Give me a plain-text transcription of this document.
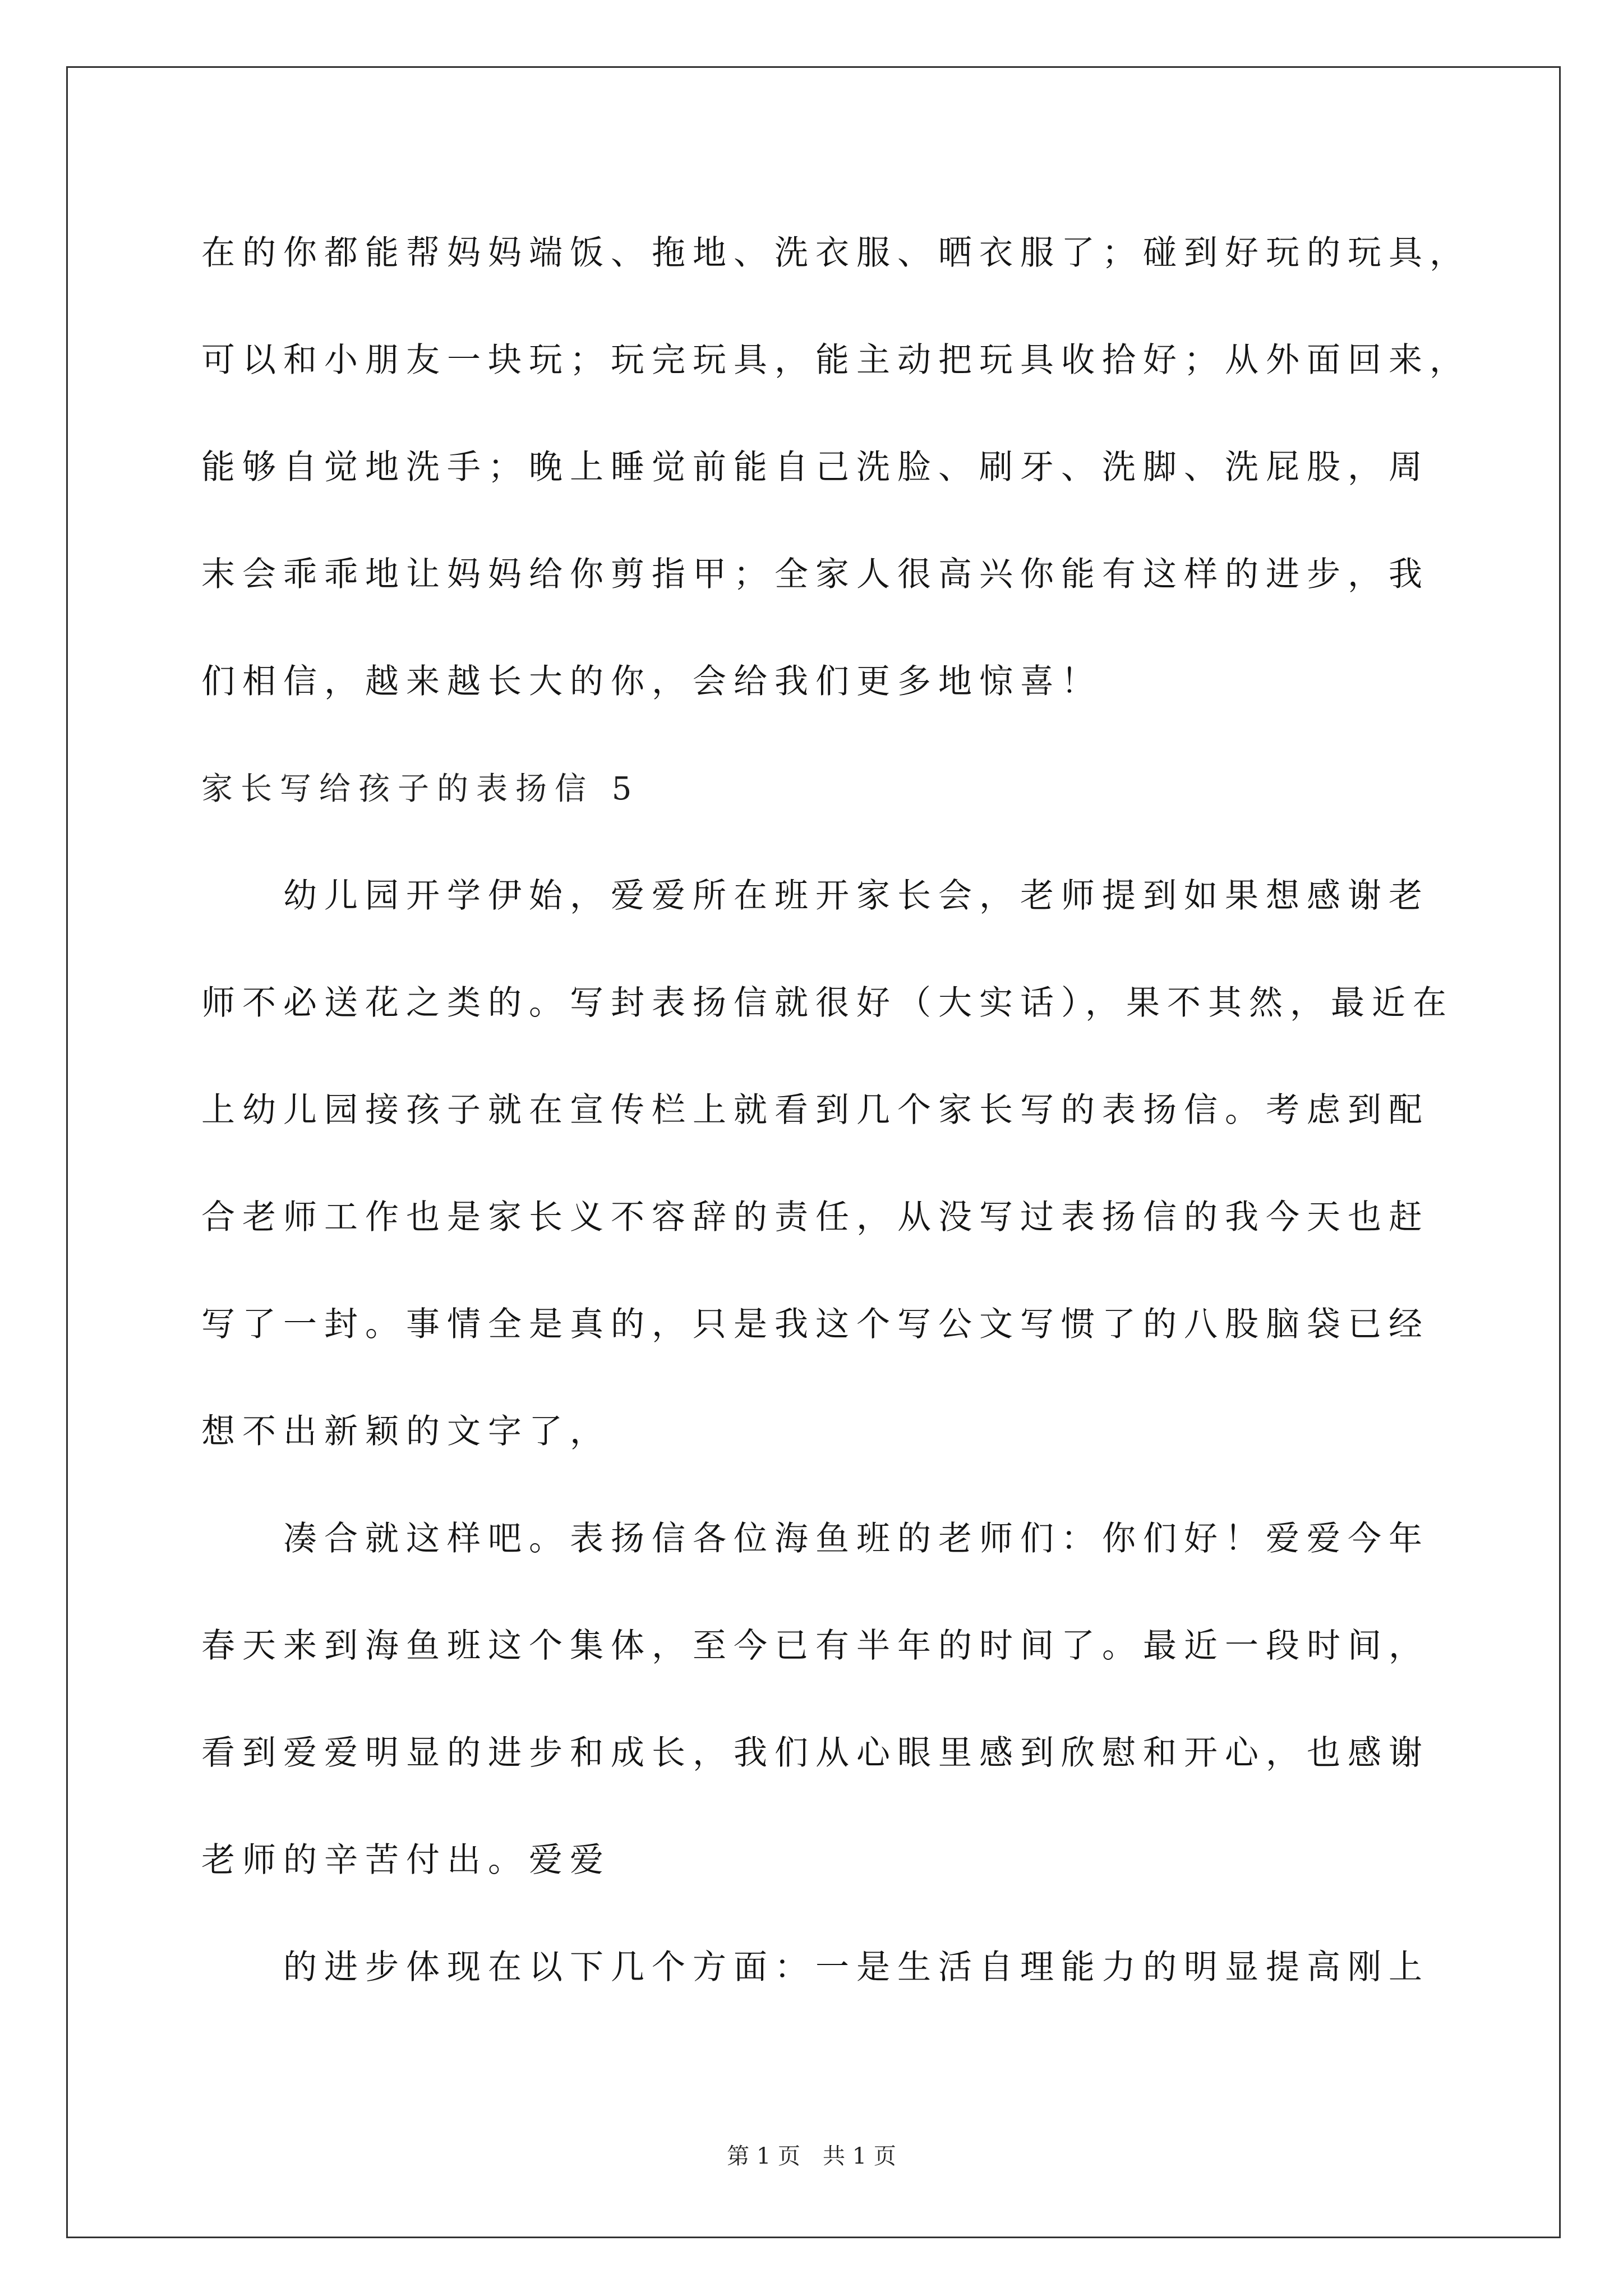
在的你都能帮妈妈端饭、拖地、洗衣服、晒衣服了；碰到好玩的玩具，
可以和小朋友一块玩；玩完玩具，能主动把玩具收拾好；从外面回来，
能够自觉地洗手；晚上睡觉前能自己洗脸、刷牙、洗脚、洗屁股，周
末会乖乖地让妈妈给你剪指甲；全家人很高兴你能有这样的进步，我
们相信，越来越长大的你，会给我们更多地惊喜！
家长写给孩子的表扬信 5
幼儿园开学伊始，爱爱所在班开家长会，老师提到如果想感谢老
师不必送花之类的。写封表扬信就很好（大实话），果不其然，最近在
上幼儿园接孩子就在宣传栏上就看到几个家长写的表扬信。考虑到配
合老师工作也是家长义不容辞的责任，从没写过表扬信的我今天也赶
写了一封。事情全是真的，只是我这个写公文写惯了的八股脑袋已经
想不出新颖的文字了，
凑合就这样吧。表扬信各位海鱼班的老师们：你们好！爱爱今年
春天来到海鱼班这个集体，至今已有半年的时间了。最近一段时间，
看到爱爱明显的进步和成长，我们从心眼里感到欣慰和开心，也感谢
老师的辛苦付出。爱爱
的进步体现在以下几个方面：一是生活自理能力的明显提高刚上
第 1 页　共 1 页
